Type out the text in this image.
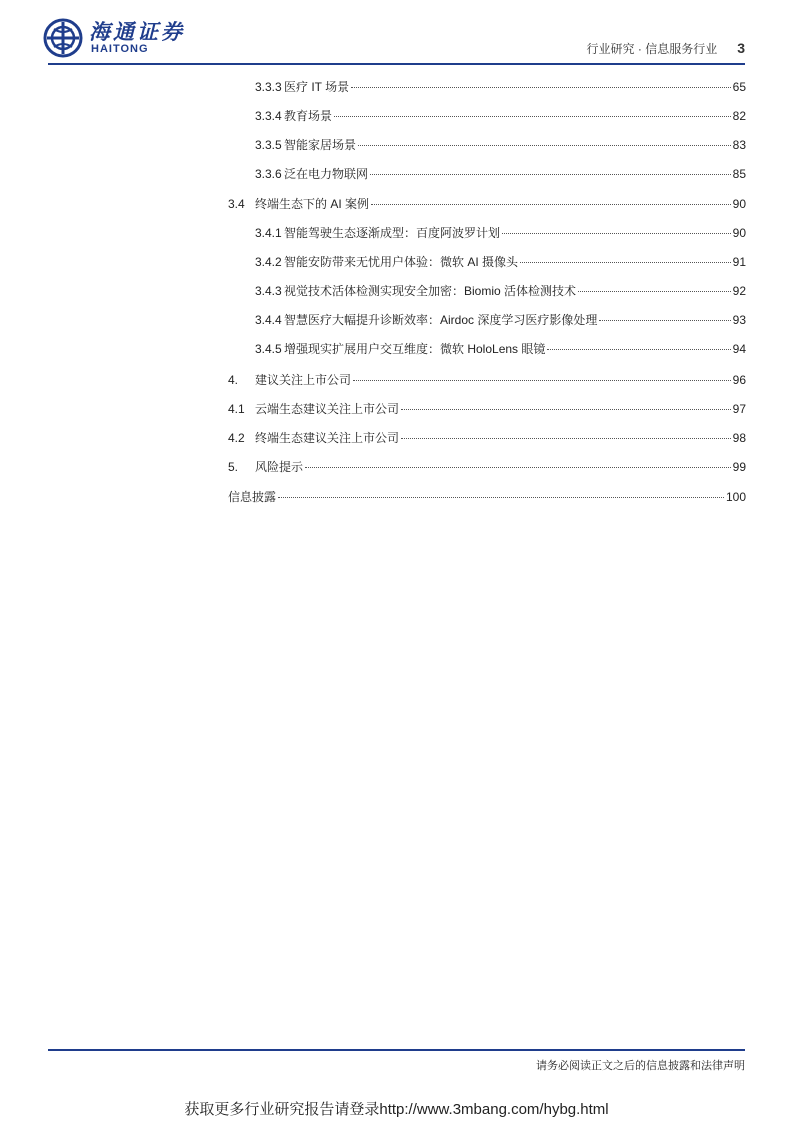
海通证券
HAITONG	行业研究 · 信息服务行业 3
3.3.3 医疗 IT 场景	65
3.3.4 教育场景	82
3.3.5 智能家居场景	83
3.3.6 泛在电力物联网	85
3.4 终端生态下的 AI 案例	90
3.4.1 智能驾驶生态逐渐成型：百度阿波罗计划	90
3.4.2 智能安防带来无忧用户体验：微软 AI 摄像头	91
3.4.3 视觉技术活体检测实现安全加密：Biomio 活体检测技术	92
3.4.4 智慧医疗大幅提升诊断效率：Airdoc 深度学习医疗影像处理	93
3.4.5 增强现实扩展用户交互维度：微软 HoloLens 眼镜	94
4.	建议关注上市公司	96
4.1 云端生态建议关注上市公司	97
4.2 终端生态建议关注上市公司	98
5.	风险提示	99
信息披露	100
请务必阅读正文之后的信息披露和法律声明
获取更多行业研究报告请登录http://www.3mbang.com/hybg.html
